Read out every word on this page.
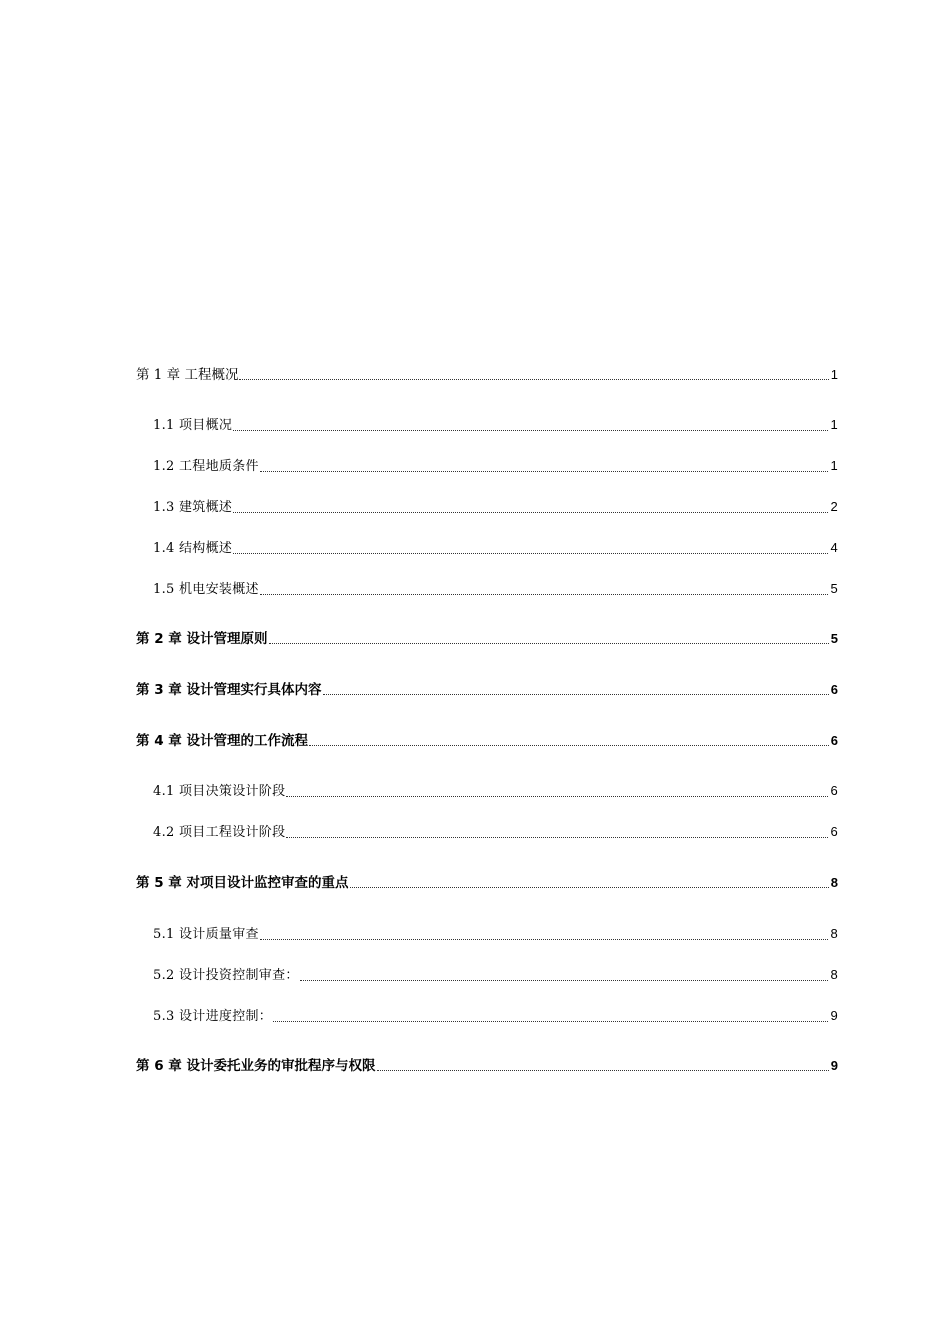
第 1 章 工程概况	1
1.1 项目概况	1
1.2 工程地质条件	1
1.3 建筑概述	2
1.4 结构概述	4
1.5 机电安装概述	5
第 2 章 设计管理原则	5
第 3 章 设计管理实行具体内容	6
第 4 章 设计管理的工作流程	6
4.1 项目决策设计阶段	6
4.2 项目工程设计阶段	6
第 5 章 对项目设计监控审查的重点	8
5.1 设计质量审查	8
5.2 设计投资控制审查：	8
5.3 设计进度控制：	9
第 6 章 设计委托业务的审批程序与权限	9
